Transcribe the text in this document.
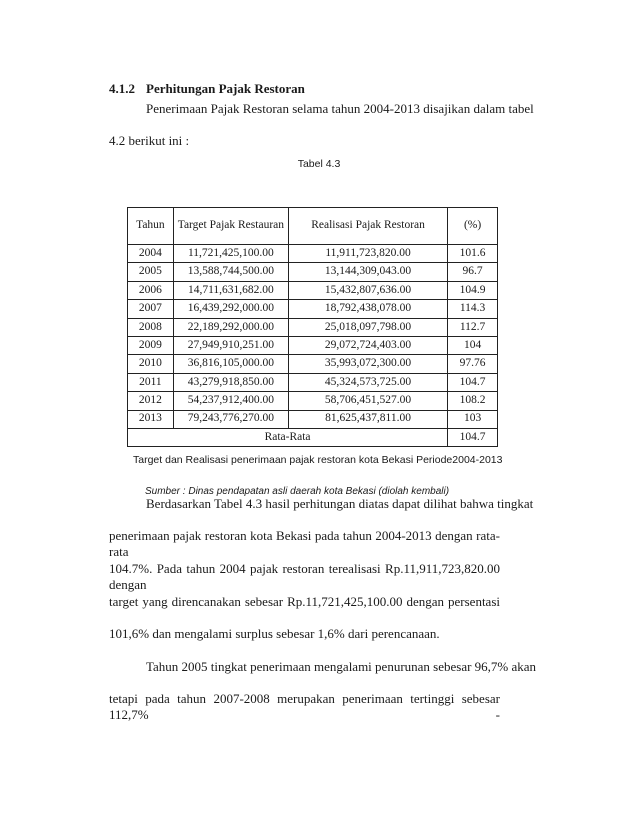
4.1.2 Perhitungan Pajak Restoran
Penerimaan Pajak Restoran selama tahun 2004-2013 disajikan dalam tabel
4.2 berikut ini :
Tabel 4.3
Tahun	Target Pajak Restauran	Realisasi Pajak Restoran	(%)
2004	11,721,425,100.00	11,911,723,820.00	101.6
2005	13,588,744,500.00	13,144,309,043.00	96.7
2006	14,711,631,682.00	15,432,807,636.00	104.9
2007	16,439,292,000.00	18,792,438,078.00	114.3
2008	22,189,292,000.00	25,018,097,798.00	112.7
2009	27,949,910,251.00	29,072,724,403.00	104
2010	36,816,105,000.00	35,993,072,300.00	97.76
2011	43,279,918,850.00	45,324,573,725.00	104.7
2012	54,237,912,400.00	58,706,451,527.00	108.2
2013	79,243,776,270.00	81,625,437,811.00	103
Rata-Rata			104.7
Target dan Realisasi penerimaan pajak restoran kota Bekasi Periode2004-2013
Sumber : Dinas pendapatan asli daerah kota Bekasi (diolah kembali)
Berdasarkan Tabel 4.3 hasil perhitungan diatas dapat dilihat bahwa tingkat
penerimaan pajak restoran kota Bekasi pada tahun 2004-2013 dengan rata-rata
104.7%. Pada tahun 2004 pajak restoran terealisasi Rp.11,911,723,820.00 dengan
target yang direncanakan sebesar Rp.11,721,425,100.00 dengan persentasi
101,6% dan mengalami surplus sebesar 1,6% dari perencanaan.
Tahun 2005 tingkat penerimaan mengalami penurunan sebesar 96,7% akan
tetapi pada tahun 2007-2008 merupakan penerimaan tertinggi sebesar 112,7% -
